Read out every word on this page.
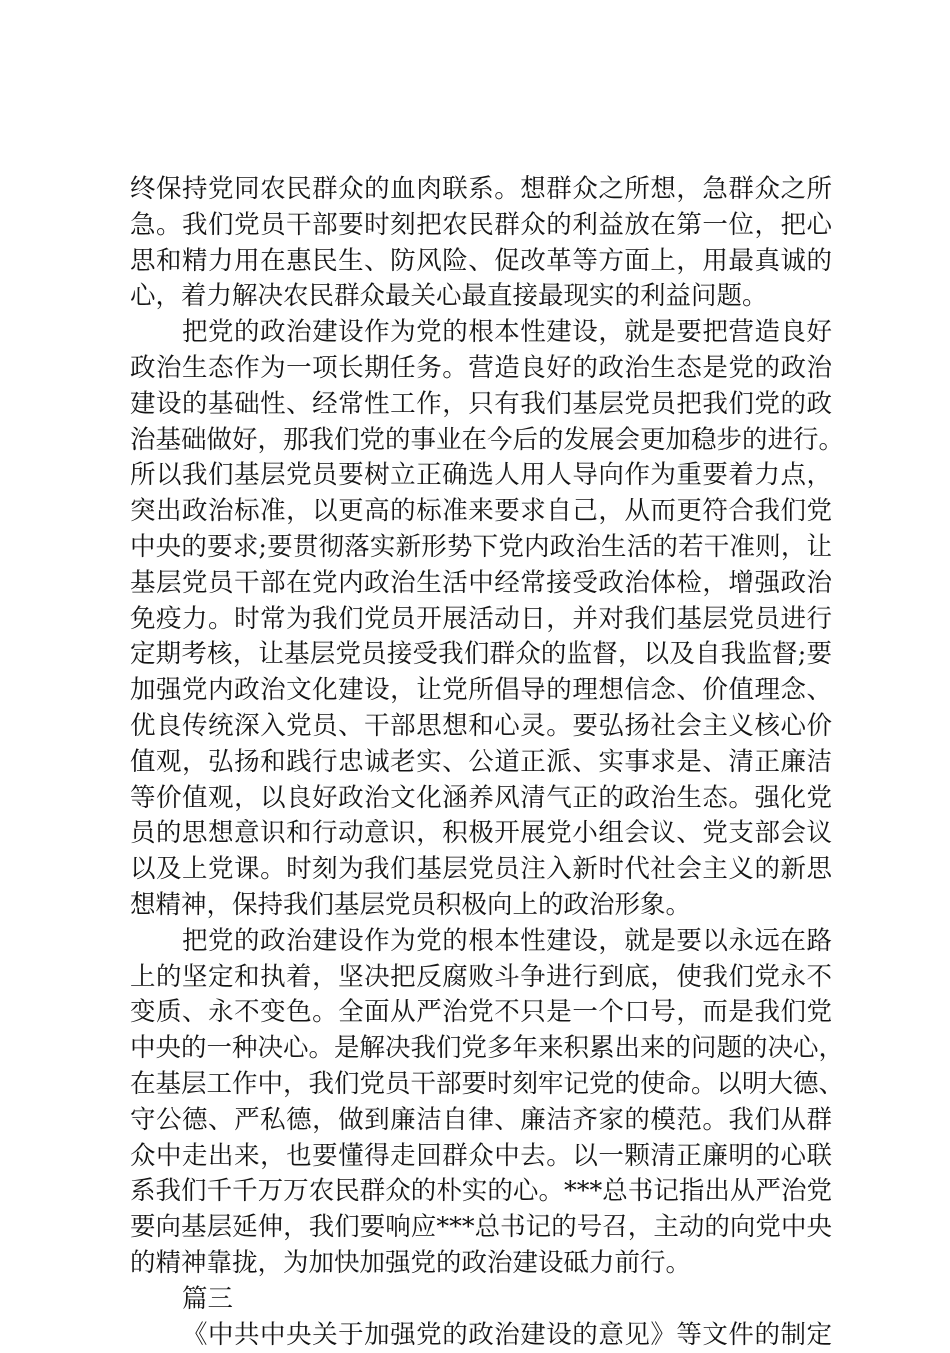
终保持党同农民群众的血肉联系。想群众之所想，急群众之所
急。我们党员干部要时刻把农民群众的利益放在第一位，把心
思和精力用在惠民生、防风险、促改革等方面上，用最真诚的
心，着力解决农民群众最关心最直接最现实的利益问题。
把党的政治建设作为党的根本性建设，就是要把营造良好
政治生态作为一项长期任务。营造良好的政治生态是党的政治
建设的基础性、经常性工作，只有我们基层党员把我们党的政
治基础做好，那我们党的事业在今后的发展会更加稳步的进行。
所以我们基层党员要树立正确选人用人导向作为重要着力点，
突出政治标准，以更高的标准来要求自己，从而更符合我们党
中央的要求;要贯彻落实新形势下党内政治生活的若干准则，让
基层党员干部在党内政治生活中经常接受政治体检，增强政治
免疫力。时常为我们党员开展活动日，并对我们基层党员进行
定期考核，让基层党员接受我们群众的监督，以及自我监督;要
加强党内政治文化建设，让党所倡导的理想信念、价值理念、
优良传统深入党员、干部思想和心灵。要弘扬社会主义核心价
值观，弘扬和践行忠诚老实、公道正派、实事求是、清正廉洁
等价值观，以良好政治文化涵养风清气正的政治生态。强化党
员的思想意识和行动意识，积极开展党小组会议、党支部会议
以及上党课。时刻为我们基层党员注入新时代社会主义的新思
想精神，保持我们基层党员积极向上的政治形象。
把党的政治建设作为党的根本性建设，就是要以永远在路
上的坚定和执着，坚决把反腐败斗争进行到底，使我们党永不
变质、永不变色。全面从严治党不只是一个口号，而是我们党
中央的一种决心。是解决我们党多年来积累出来的问题的决心，
在基层工作中，我们党员干部要时刻牢记党的使命。以明大德、
守公德、严私德，做到廉洁自律、廉洁齐家的模范。我们从群
众中走出来，也要懂得走回群众中去。以一颗清正廉明的心联
系我们千千万万农民群众的朴实的心。***总书记指出从严治党
要向基层延伸，我们要响应***总书记的号召，主动的向党中央
的精神靠拢，为加快加强党的政治建设砥力前行。
篇三
《中共中央关于加强党的政治建设的意见》等文件的制定
